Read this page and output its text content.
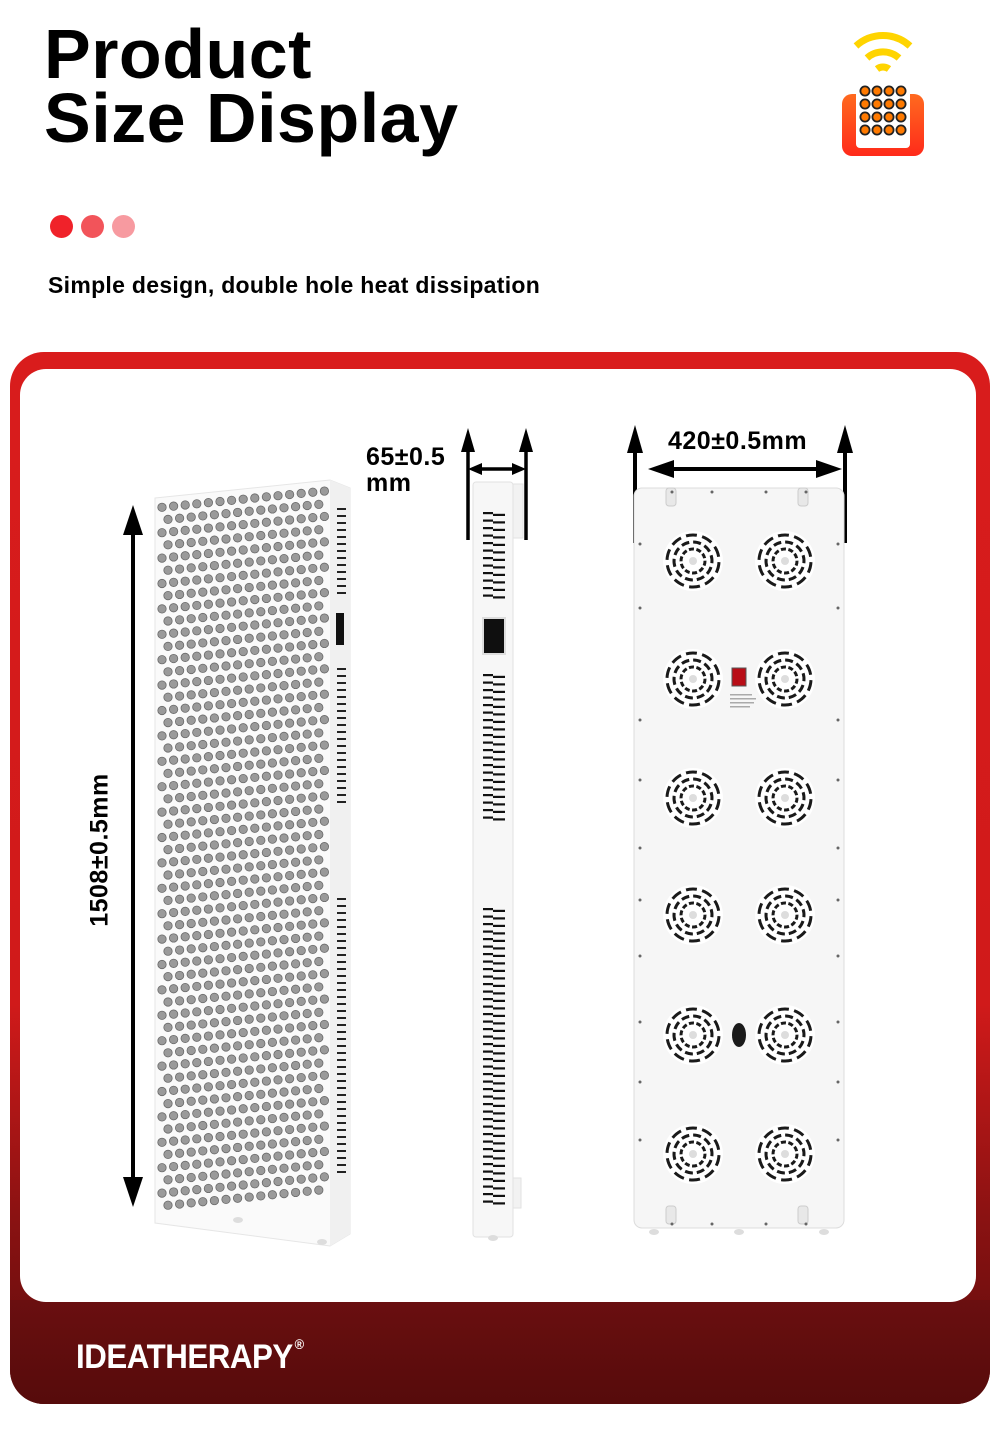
Product
Size Display
Simple design, double hole heat dissipation
1508±0.5mm
65±0.5
mm
420±0.5mm
IDEATHERAPY ®
